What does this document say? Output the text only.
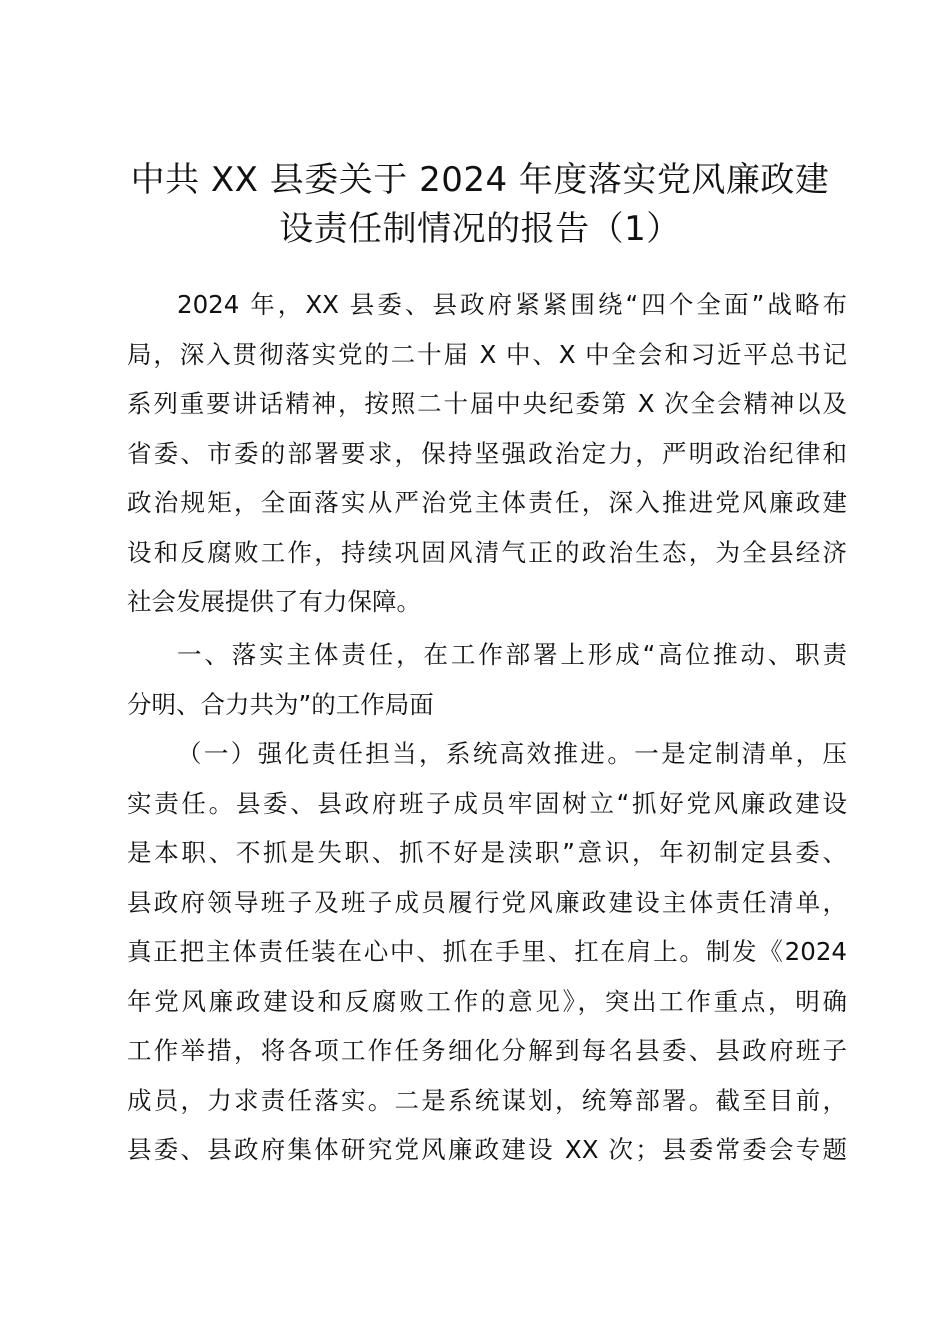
中共 XX 县委关于 2024 年度落实党风廉政建
设责任制情况的报告（1）
2024 年，XX 县委、县政府紧紧围绕“四个全面”战略布
局，深入贯彻落实党的二十届 X 中、X 中全会和习近平总书记
系列重要讲话精神，按照二十届中央纪委第 X 次全会精神以及
省委、市委的部署要求，保持坚强政治定力，严明政治纪律和
政治规矩，全面落实从严治党主体责任，深入推进党风廉政建
设和反腐败工作，持续巩固风清气正的政治生态，为全县经济
社会发展提供了有力保障。
一、落实主体责任，在工作部署上形成“高位推动、职责
分明、合力共为”的工作局面
（一）强化责任担当，系统高效推进。一是定制清单，压
实责任。县委、县政府班子成员牢固树立“抓好党风廉政建设
是本职、不抓是失职、抓不好是渎职”意识，年初制定县委、
县政府领导班子及班子成员履行党风廉政建设主体责任清单，
真正把主体责任装在心中、抓在手里、扛在肩上。制发《2024
年党风廉政建设和反腐败工作的意见》，突出工作重点，明确
工作举措，将各项工作任务细化分解到每名县委、县政府班子
成员，力求责任落实。二是系统谋划，统筹部署。截至目前，
县委、县政府集体研究党风廉政建设 XX 次；县委常委会专题
